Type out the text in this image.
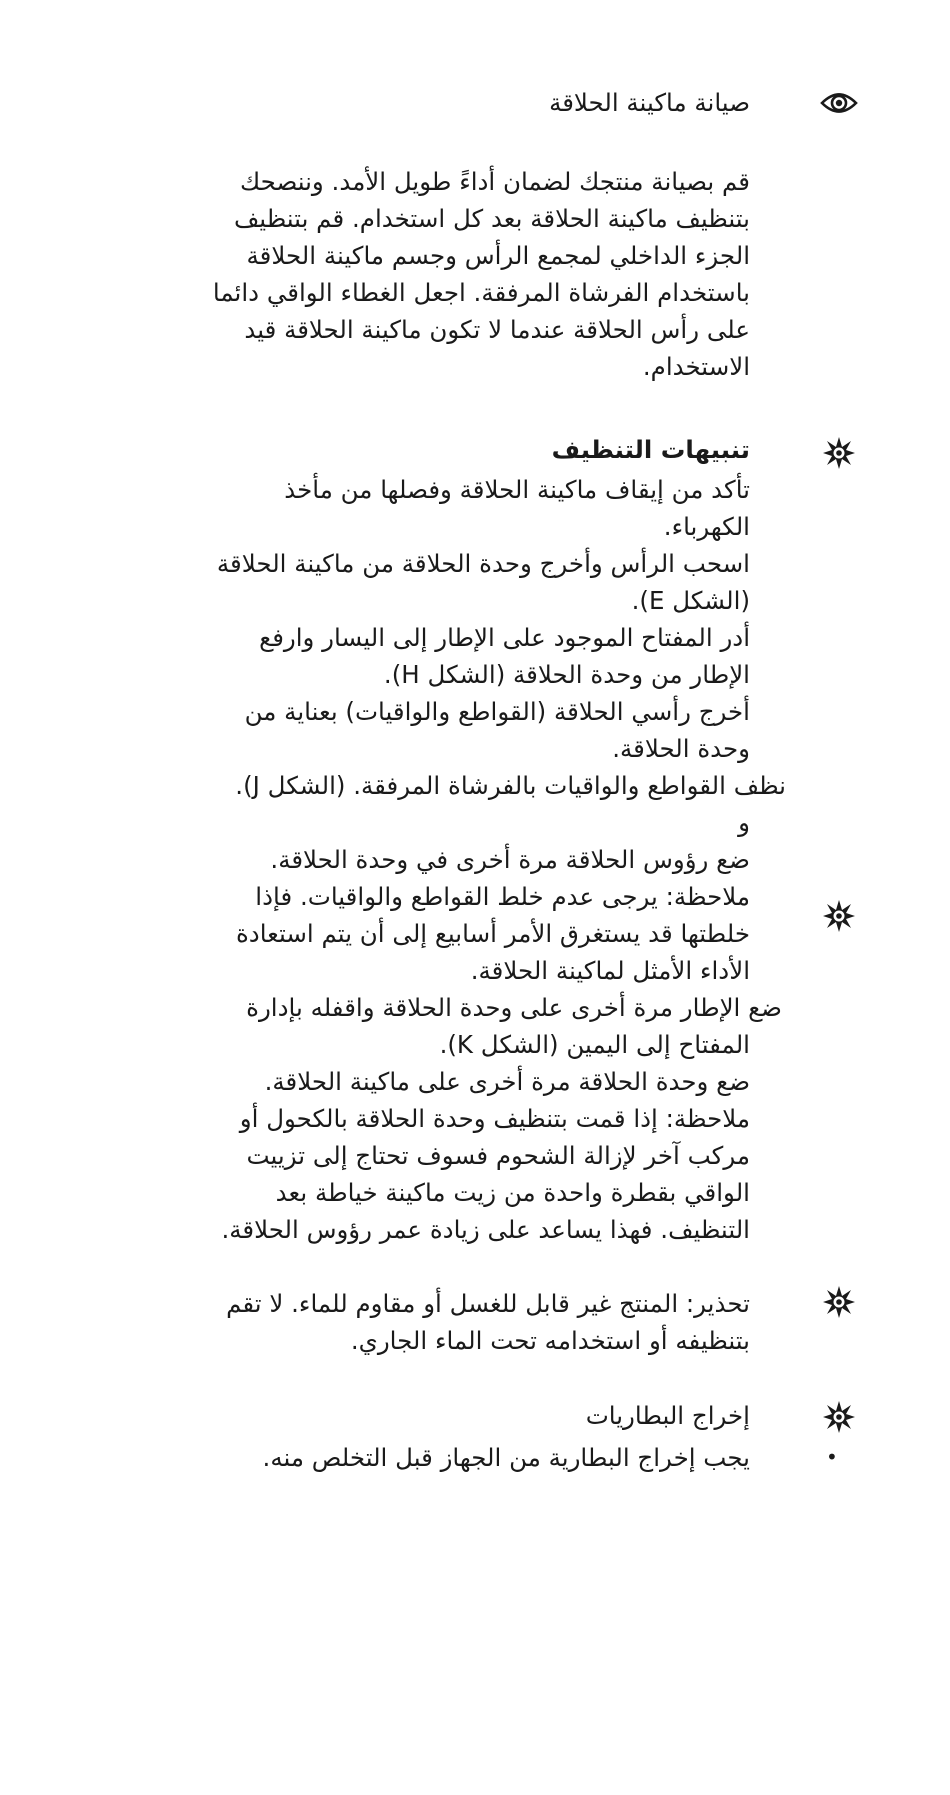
صيانة ماكينة الحلاقة
قم بصيانة منتجك لضمان أداءً طويل الأمد. وننصحك
بتنظيف ماكينة الحلاقة بعد كل استخدام. قم بتنظيف
الجزء الداخلي لمجمع الرأس وجسم ماكينة الحلاقة
باستخدام الفرشاة المرفقة. اجعل الغطاء الواقي دائما
على رأس الحلاقة عندما لا تكون ماكينة الحلاقة قيد
الاستخدام.
تنبيهات التنظيف
تأكد من إيقاف ماكينة الحلاقة وفصلها من مأخذ
الكهرباء.
اسحب الرأس وأخرج وحدة الحلاقة من ماكينة الحلاقة
(الشكل E).
أدر المفتاح الموجود على الإطار إلى اليسار وارفع
الإطار من وحدة الحلاقة (الشكل H).
أخرج رأسي الحلاقة (القواطع والواقيات) بعناية من
وحدة الحلاقة.
نظف القواطع والواقيات بالفرشاة المرفقة. (الشكل J).
و
ضع رؤوس الحلاقة مرة أخرى في وحدة الحلاقة.
ملاحظة: يرجى عدم خلط القواطع والواقيات. فإذا
خلطتها قد يستغرق الأمر أسابيع إلى أن يتم استعادة
الأداء الأمثل لماكينة الحلاقة.
ضع الإطار مرة أخرى على وحدة الحلاقة واقفله بإدارة
المفتاح إلى اليمين (الشكل K).
ضع وحدة الحلاقة مرة أخرى على ماكينة الحلاقة.
ملاحظة: إذا قمت بتنظيف وحدة الحلاقة بالكحول أو
مركب آخر لإزالة الشحوم فسوف تحتاج إلى تزييت
الواقي بقطرة واحدة من زيت ماكينة خياطة بعد
التنظيف. فهذا يساعد على زيادة عمر رؤوس الحلاقة.
تحذير: المنتج غير قابل للغسل أو مقاوم للماء. لا تقم
بتنظيفه أو استخدامه تحت الماء الجاري.
إخراج البطاريات
•
يجب إخراج البطارية من الجهاز قبل التخلص منه.
